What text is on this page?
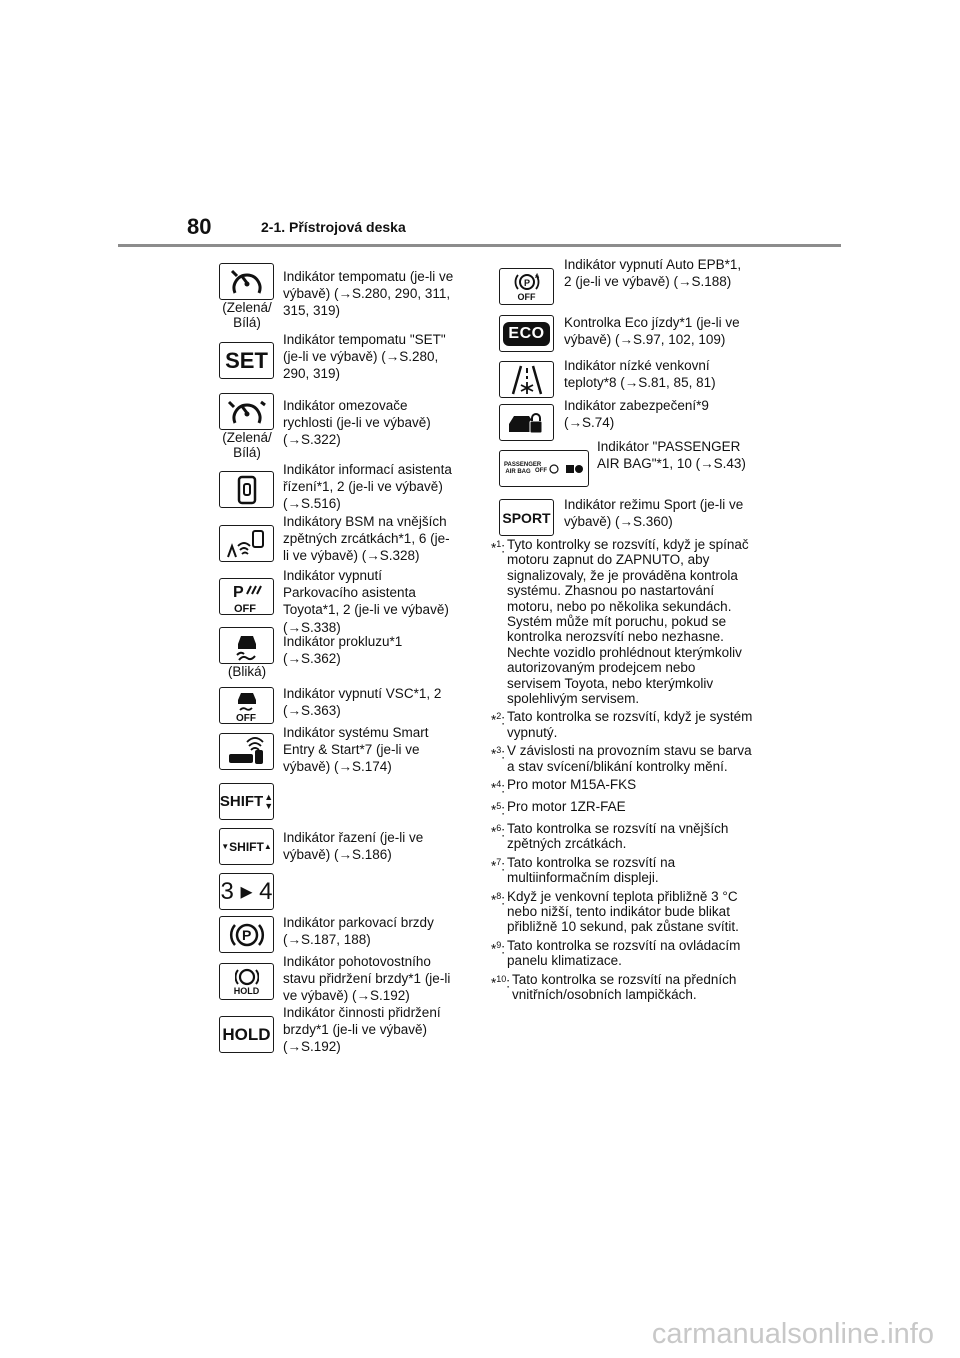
80	2-1. Přístrojová deska
(Zelená/
Bílá)
Indikátor tempomatu (je-li ve výbavě) (→S.280, 290, 311, 315, 319)
SET
Indikátor tempomatu "SET" (je-li ve výbavě) (→S.280, 290, 319)
(Zelená/
Bílá)
Indikátor omezovače rychlosti (je-li ve výbavě) (→S.322)
Indikátor informací asistenta řízení*1, 2 (je-li ve výbavě) (→S.516)
Indikátory BSM na vnějších zpětných zrcátkách*1, 6 (je-li ve výbavě) (→S.328)
P
OFF
Indikátor vypnutí Parkovacího asistenta Toyota*1, 2 (je-li ve výbavě) (→S.338)
(Bliká)
Indikátor prokluzu*1 (→S.362)
OFF
Indikátor vypnutí VSC*1, 2 (→S.363)
Indikátor systému Smart Entry & Start*7 (je-li ve výbavě) (→S.174)
SHIFT ▲
▼
▼ SHIFT ▲
Indikátor řazení (je-li ve výbavě) (→S.186)
3 ▸ 4
P
Indikátor parkovací brzdy (→S.187, 188)
HOLD
Indikátor pohotovostního stavu přidržení brzdy*1 (je-li ve výbavě) (→S.192)
HOLD
Indikátor činnosti přidržení brzdy*1 (je-li ve výbavě) (→S.192)
P
A
OFF
Indikátor vypnutí Auto EPB*1, 2 (je-li ve výbavě) (→S.188)
ECO
Kontrolka Eco jízdy*1 (je-li ve výbavě) (→S.97, 102, 109)
Indikátor nízké venkovní teploty*8 (→S.81, 85, 81)
Indikátor zabezpečení*9 (→S.74)
PASSENGER AIR BAG OFF
Indikátor "PASSENGER AIR BAG"*1, 10 (→S.43)
SPORT
Indikátor režimu Sport (je-li ve výbavě) (→S.360)
*$^1$: Tyto kontrolky se rozsvítí, když je spínač motoru zapnut do ZAPNUTO, aby signalizovaly, že je prováděna kontrola systému. Zhasnou po nastartování motoru, nebo po několika sekundách. Systém může mít poruchu, pokud se kontrolka nerozsvítí nebo nezhasne. Nechte vozidlo prohlédnout kterýmkoliv autorizovaným prodejcem nebo servisem Toyota, nebo kterýmkoliv spolehlivým servisem.
*$^2$: Tato kontrolka se rozsvítí, když je systém vypnutý.
*$^3$: V závislosti na provozním stavu se barva a stav svícení/blikání kontrolky mění.
*$^4$: Pro motor M15A-FKS
*$^5$: Pro motor 1ZR-FAE
*$^6$: Tato kontrolka se rozsvítí na vnějších zpětných zrcátkách.
*$^7$: Tato kontrolka se rozsvítí na multiinformačním displeji.
*$^8$: Když je venkovní teplota přibližně 3 °C nebo nižší, tento indikátor bude blikat přibližně 10 sekund, pak zůstane svítit.
*$^9$: Tato kontrolka se rozsvítí na ovládacím panelu klimatizace.
*$^{10}$: Tato kontrolka se rozsvítí na předních vnitřních/osobních lampičkách.
carmanualsonline.info
